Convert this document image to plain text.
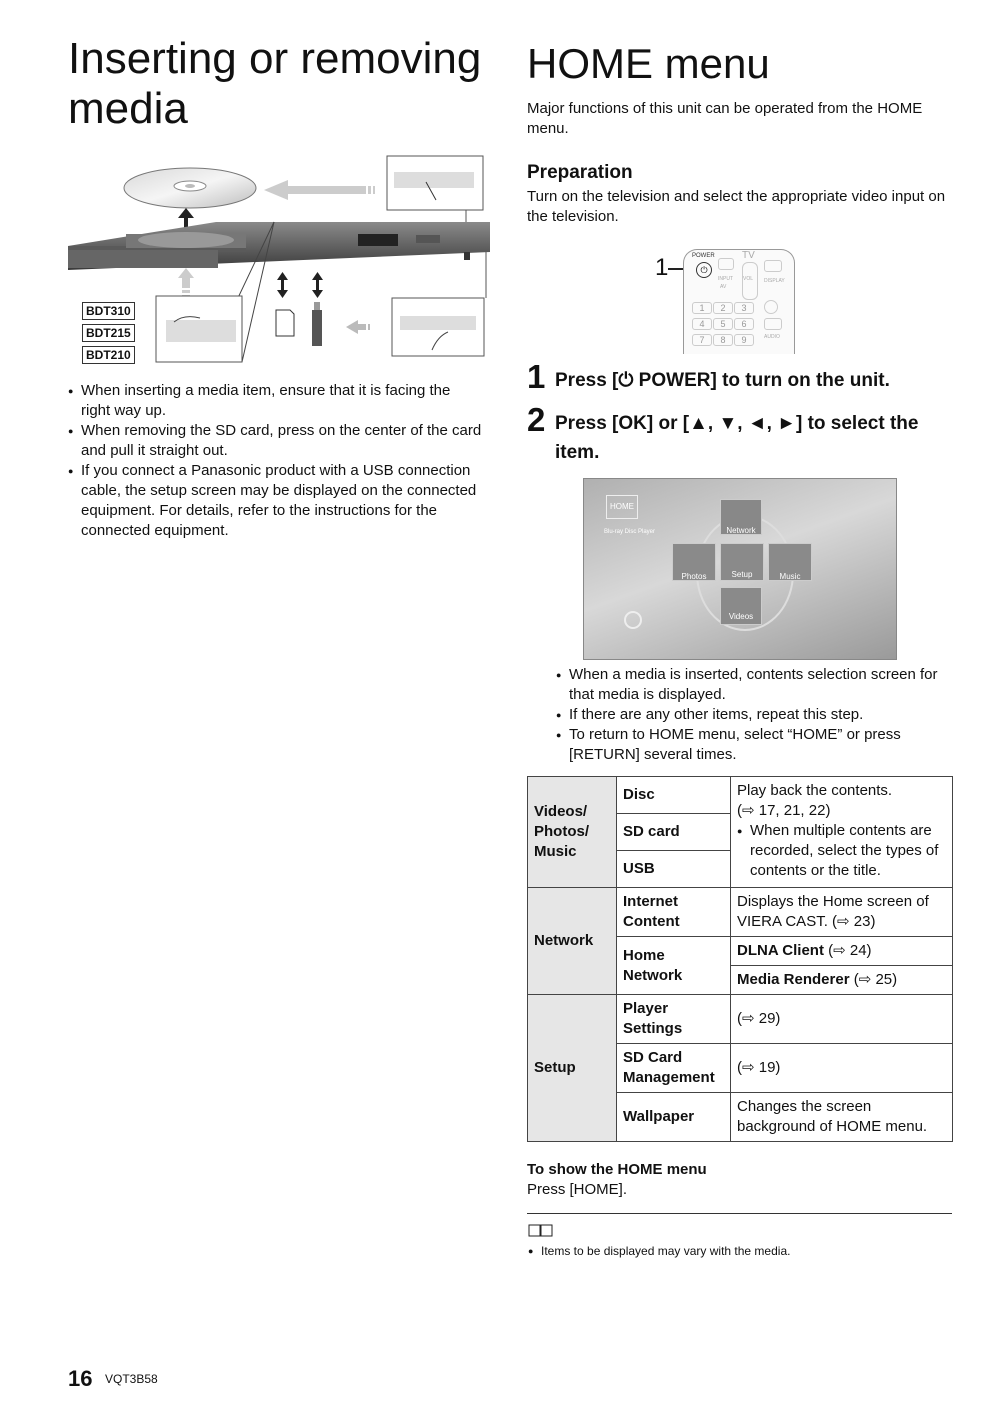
Inserting or removing
media
BDT310 BDT215 BDT210
● When inserting a media item, ensure that it is facing the right way up.
● When removing the SD card, press on the center of the card and pull it straight out.
● If you connect a Panasonic product with a USB connection cable, the setup screen may be displayed on the connected equipment. For details, refer to the instructions for the connected equipment.
HOME menu
Major functions of this unit can be operated from the HOME menu.
Preparation
Turn on the television and select the appropriate video input on the television.
1	POWER
⏻
TV
VOL
INPUT
AV
DISPLAY
AUDIO
1 2 3
4 5 6
7 8 9
1 Press [⏻ POWER] to turn on the unit.
2 Press [OK] or [▲, ▼, ◄, ►] to select the item.
HOME
Blu-ray Disc Player	Network
Photos	Setup	Music
Videos
● When a media is inserted, contents selection screen for that media is displayed.
● If there are any other items, repeat this step.
● To return to HOME menu, select “HOME” or press [RETURN] several times.
Videos/ Photos/ Music	Disc	Play back the contents.
(⇨ 17, 21, 22)
● When multiple contents are recorded, select the types of contents or the title.

	SD card	
	USB	
Network	Internet Content	Displays the Home screen of VIERA CAST. (⇨ 23)
	Home Network	DLNA Client (⇨ 24)
		Media Renderer (⇨ 25)
Setup	Player Settings	(⇨ 29)
	SD Card Management	(⇨ 19)
	Wallpaper	Changes the screen background of HOME menu.
To show the HOME menu
Press [HOME].
● Items to be displayed may vary with the media.
16 VQT3B58
